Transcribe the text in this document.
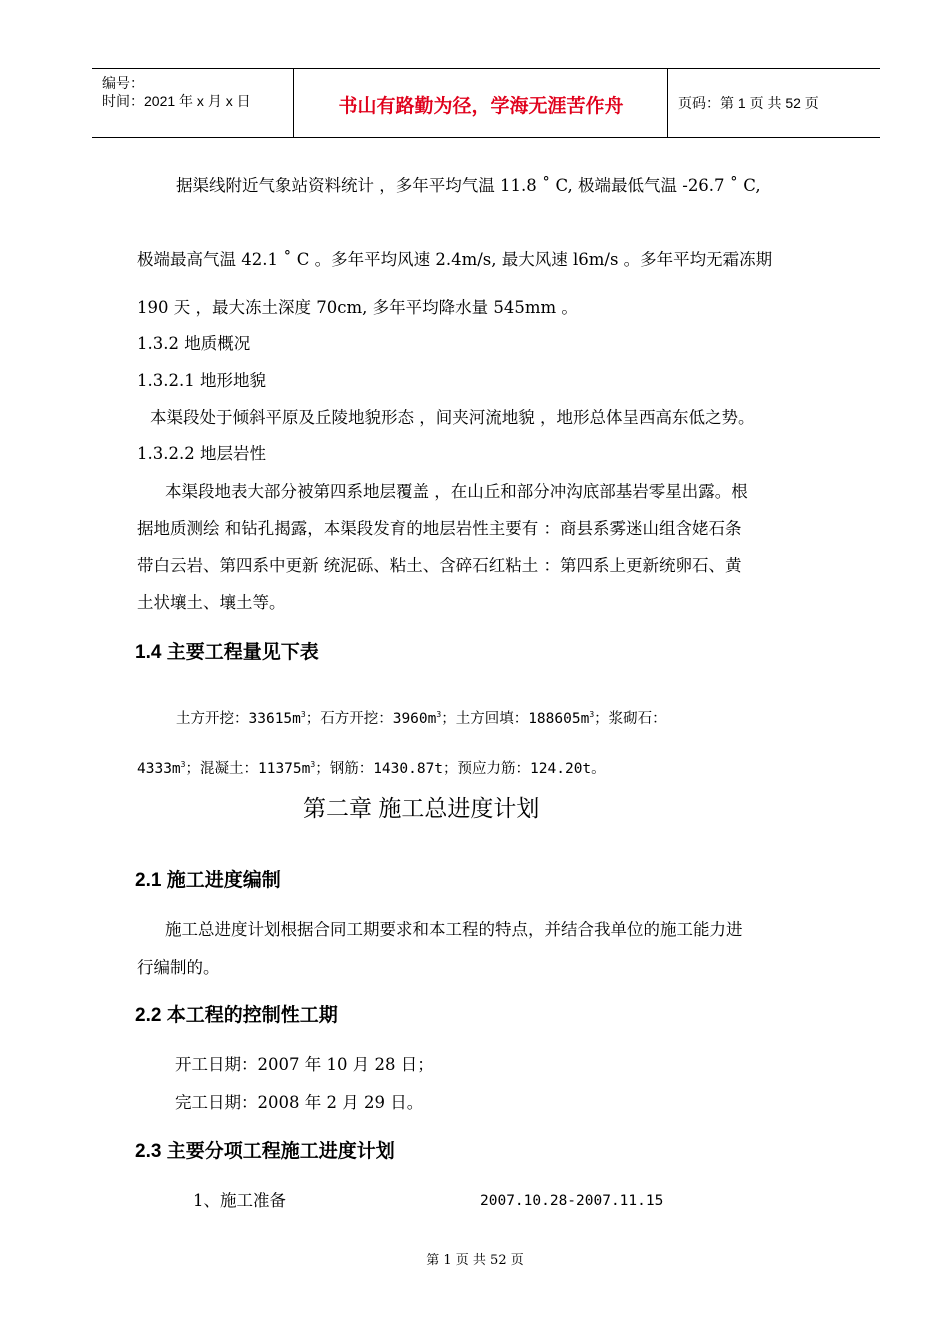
编号：
时间：2021 年 x 月 x 日	书山有路勤为径，学海无涯苦作舟	页码：第 1 页 共 52 页
据渠线附近气象站资料统计 ，多年平均气温 11.8 ˚ C, 极端最低气温 -26.7 ˚ C,
极端最高气温 42.1 ˚ C 。多年平均风速 2.4m/s, 最大风速 l6m/s 。多年平均无霜冻期
190 天 ，最大冻土深度 70cm, 多年平均降水量 545mm 。
1.3.2 地质概况
1.3.2.1 地形地貌
本渠段处于倾斜平原及丘陵地貌形态 ，间夹河流地貌 ，地形总体呈西高东低之势。
1.3.2.2 地层岩性
本渠段地表大部分被第四系地层覆盖 ，在山丘和部分冲沟底部基岩零星出露。根
据地质测绘 和钻孔揭露，本渠段发育的地层岩性主要有 ：商县系雾迷山组含姥石条
带白云岩、第四系中更新 统泥砾、粘土、含碎石红粘土 ：第四系上更新统卵石、黄
土状壤土、壤土等。
1.4 主要工程量见下表
土方开挖：$33615m^3$；石方开挖：$3960m^3$；土方回填：$188605m^3$；浆砌石：
$4333m^3$；混凝土：$11375m^3$；钢筋：1430.87t；预应力筋：124.20t。
第二章 施工总进度计划
2.1 施工进度编制
施工总进度计划根据合同工期要求和本工程的特点，并结合我单位的施工能力进
行编制的。
2.2 本工程的控制性工期
开工日期：2007 年 10 月 28 日；
完工日期：2008 年 2 月 29 日。
2.3 主要分项工程施工进度计划
1、施工准备	2007.10.28-2007.11.15
第 1 页 共 52 页
